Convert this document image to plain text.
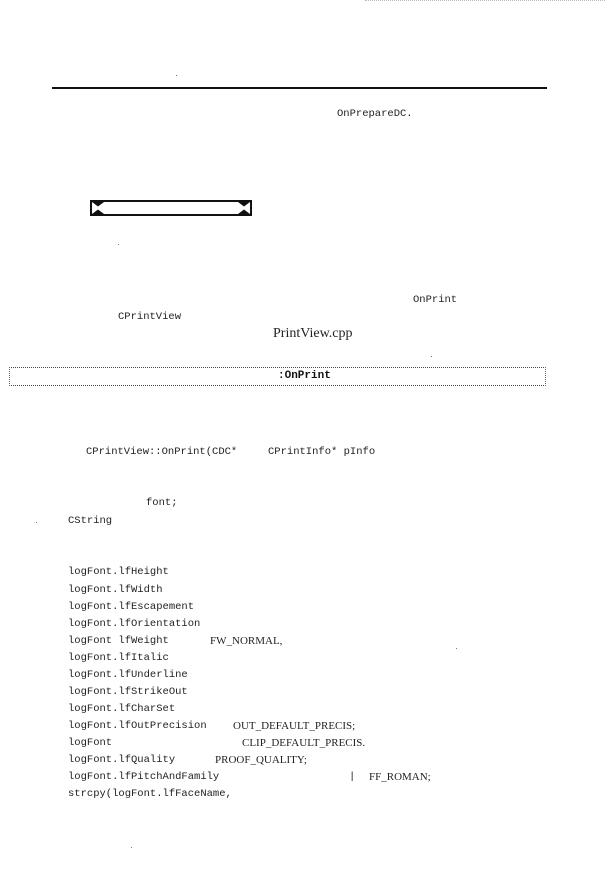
OnPrepareDC.
OnPrint
CPrintView
PrintView.cpp
:OnPrint
CPrintView::OnPrint(CDC*	CPrintInfo* pInfo
font;
CString
logFont.lfHeight
logFont.lfWidth
logFont.lfEscapement
logFont.lfOrientation
logFont lfWeight	FW_NORMAL,
logFont.lfItalic
logFont.lfUnderline
logFont.lfStrikeOut
logFont.lfCharSet
logFont.lfOutPrecision OUT_DEFAULT_PRECIS;
logFont	CLIP_DEFAULT_PRECIS.
logFont.lfQuality	PROOF_QUALITY;
logFont.lfPitchAndFamily	| FF_ROMAN;
strcpy(logFont.lfFaceName,
